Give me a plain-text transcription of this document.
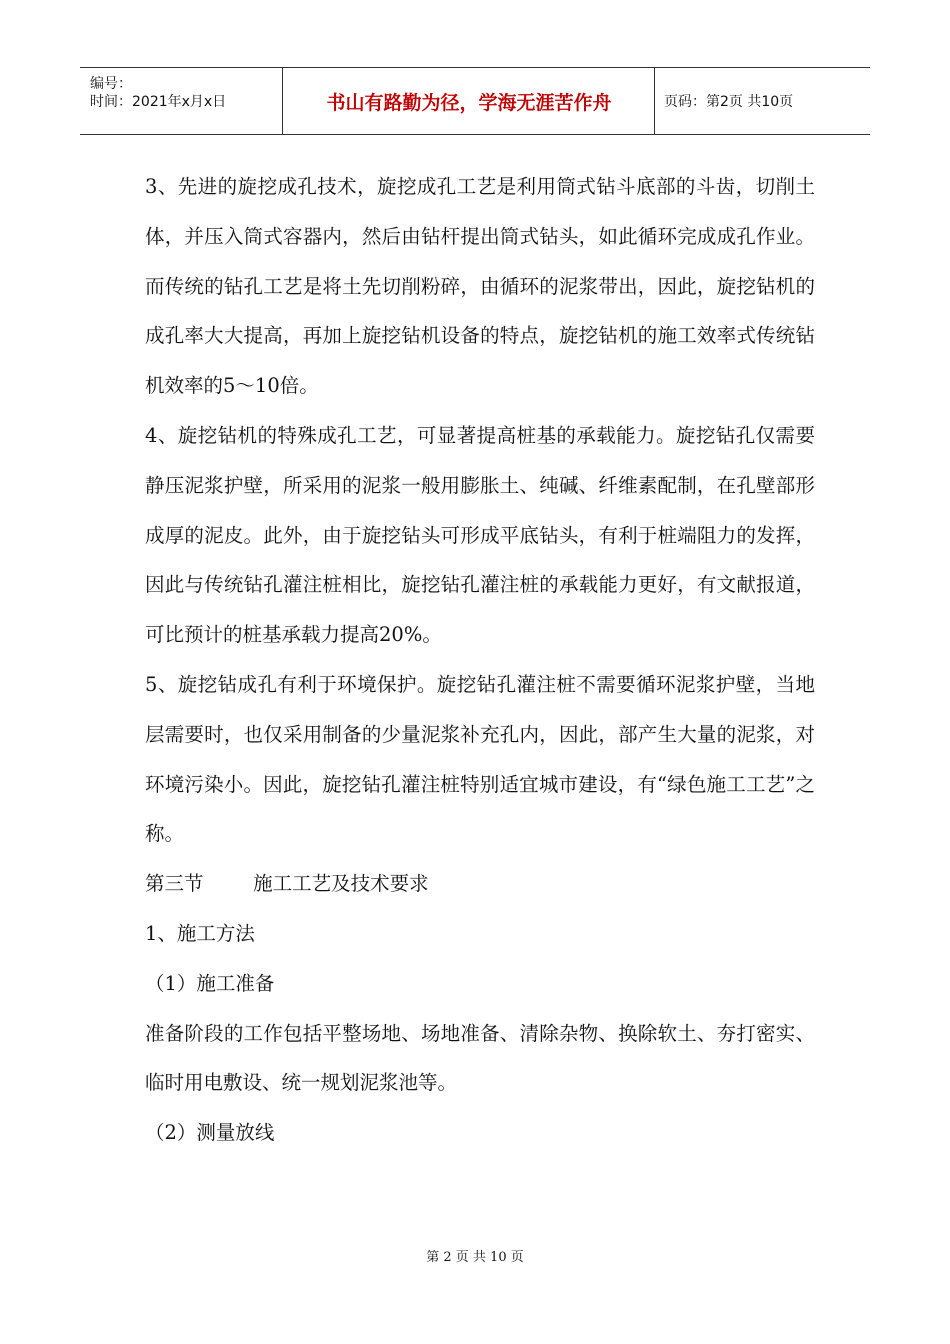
编号：
时间：2021年x月x日	书山有路勤为径，学海无涯苦作舟	页码：第2页 共10页

3、先进的旋挖成孔技术，旋挖成孔工艺是利用筒式钻斗底部的斗齿，切削土体，并压入筒式容器内，然后由钻杆提出筒式钻头，如此循环完成成孔作业。而传统的钻孔工艺是将土先切削粉碎，由循环的泥浆带出，因此，旋挖钻机的成孔率大大提高，再加上旋挖钻机设备的特点，旋挖钻机的施工效率式传统钻机效率的5～10倍。

4、旋挖钻机的特殊成孔工艺，可显著提高桩基的承载能力。旋挖钻孔仅需要静压泥浆护壁，所采用的泥浆一般用膨胀土、纯碱、纤维素配制，在孔壁部形成厚的泥皮。此外，由于旋挖钻头可形成平底钻头，有利于桩端阻力的发挥，因此与传统钻孔灌注桩相比，旋挖钻孔灌注桩的承载能力更好，有文献报道，可比预计的桩基承载力提高20%。

5、旋挖钻成孔有利于环境保护。旋挖钻孔灌注桩不需要循环泥浆护壁，当地层需要时，也仅采用制备的少量泥浆补充孔内，因此，部产生大量的泥浆，对环境污染小。因此，旋挖钻孔灌注桩特别适宜城市建设，有“绿色施工工艺”之称。

第三节        施工工艺及技术要求

1、施工方法

（1）施工准备

准备阶段的工作包括平整场地、场地准备、清除杂物、换除软土、夯打密实、临时用电敷设、统一规划泥浆池等。

（2）测量放线

第 2 页 共 10 页
